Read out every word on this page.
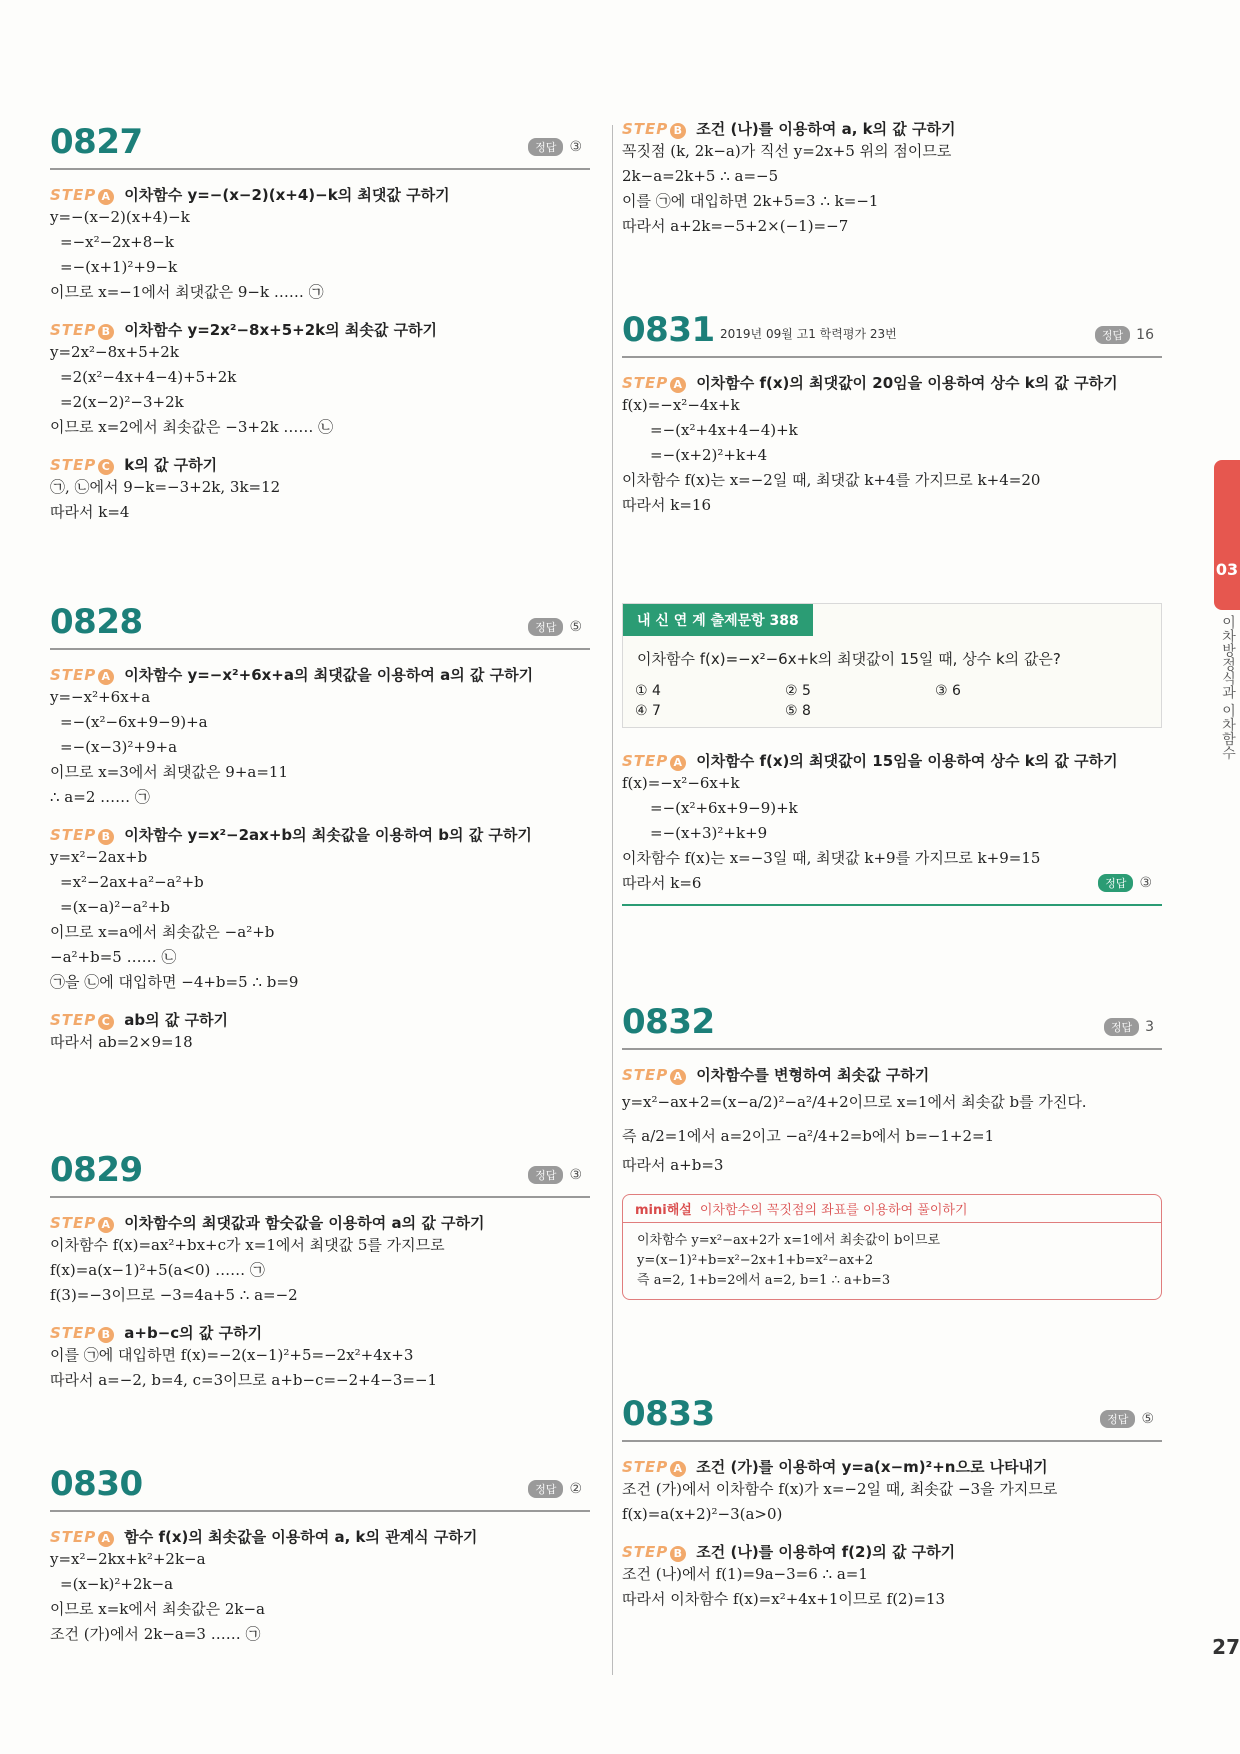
0827	정답 ③
STEP A 이차함수 y=−(x−2)(x+4)−k의 최댓값 구하기
y=−(x−2)(x+4)−k
=−x²−2x+8−k
=−(x+1)²+9−k
이므로 x=−1에서 최댓값은 9−k …… ㉠
STEP B 이차함수 y=2x²−8x+5+2k의 최솟값 구하기
y=2x²−8x+5+2k
=2(x²−4x+4−4)+5+2k
=2(x−2)²−3+2k
이므로 x=2에서 최솟값은 −3+2k …… ㉡
STEP C k의 값 구하기
㉠, ㉡에서 9−k=−3+2k, 3k=12
따라서 k=4
0828	정답 ⑤
STEP A 이차함수 y=−x²+6x+a의 최댓값을 이용하여 a의 값 구하기
y=−x²+6x+a
=−(x²−6x+9−9)+a
=−(x−3)²+9+a
이므로 x=3에서 최댓값은 9+a=11
∴ a=2 …… ㉠
STEP B 이차함수 y=x²−2ax+b의 최솟값을 이용하여 b의 값 구하기
y=x²−2ax+b
=x²−2ax+a²−a²+b
=(x−a)²−a²+b
이므로 x=a에서 최솟값은 −a²+b
−a²+b=5 …… ㉡
㉠을 ㉡에 대입하면 −4+b=5 ∴ b=9
STEP C ab의 값 구하기
따라서 ab=2×9=18
0829	정답 ③
STEP A 이차함수의 최댓값과 함숫값을 이용하여 a의 값 구하기
이차함수 f(x)=ax²+bx+c가 x=1에서 최댓값 5를 가지므로
f(x)=a(x−1)²+5(a<0) …… ㉠
f(3)=−3이므로 −3=4a+5 ∴ a=−2
STEP B a+b−c의 값 구하기
이를 ㉠에 대입하면 f(x)=−2(x−1)²+5=−2x²+4x+3
따라서 a=−2, b=4, c=3이므로 a+b−c=−2+4−3=−1
0830	정답 ②
STEP A 함수 f(x)의 최솟값을 이용하여 a, k의 관계식 구하기
y=x²−2kx+k²+2k−a
=(x−k)²+2k−a
이므로 x=k에서 최솟값은 2k−a
조건 (가)에서 2k−a=3 …… ㉠
STEP B 조건 (나)를 이용하여 a, k의 값 구하기
꼭짓점 (k, 2k−a)가 직선 y=2x+5 위의 점이므로
2k−a=2k+5 ∴ a=−5
이를 ㉠에 대입하면 2k+5=3 ∴ k=−1
따라서 a+2k=−5+2×(−1)=−7
0831 2019년 09월 고1 학력평가 23번	정답 16
STEP A 이차함수 f(x)의 최댓값이 20임을 이용하여 상수 k의 값 구하기
f(x)=−x²−4x+k
=−(x²+4x+4−4)+k
=−(x+2)²+k+4
이차함수 f(x)는 x=−2일 때, 최댓값 k+4를 가지므로 k+4=20
따라서 k=16
내 신 연 계 출제문항 388
이차함수 f(x)=−x²−6x+k의 최댓값이 15일 때, 상수 k의 값은?
① 4	② 5	③ 6
④ 7	⑤ 8
STEP A 이차함수 f(x)의 최댓값이 15임을 이용하여 상수 k의 값 구하기
f(x)=−x²−6x+k
=−(x²+6x+9−9)+k
=−(x+3)²+k+9
이차함수 f(x)는 x=−3일 때, 최댓값 k+9를 가지므로 k+9=15
따라서 k=6	정답 ③
0832	정답 3
STEP A 이차함수를 변형하여 최솟값 구하기
y=x²−ax+2=(x−a/2)²−a²/4+2이므로 x=1에서 최솟값 b를 가진다.
즉 a/2=1에서 a=2이고 −a²/4+2=b에서 b=−1+2=1
따라서 a+b=3
mini해설 이차함수의 꼭짓점의 좌표를 이용하여 풀이하기
이차함수 y=x²−ax+2가 x=1에서 최솟값이 b이므로
y=(x−1)²+b=x²−2x+1+b=x²−ax+2
즉 a=2, 1+b=2에서 a=2, b=1 ∴ a+b=3
0833	정답 ⑤
STEP A 조건 (가)를 이용하여 y=a(x−m)²+n으로 나타내기
조건 (가)에서 이차함수 f(x)가 x=−2일 때, 최솟값 −3을 가지므로
f(x)=a(x+2)²−3(a>0)
STEP B 조건 (나)를 이용하여 f(2)의 값 구하기
조건 (나)에서 f(1)=9a−3=6 ∴ a=1
따라서 이차함수 f(x)=x²+4x+1이므로 f(2)=13
03
이차방정식과 이차함수
27
